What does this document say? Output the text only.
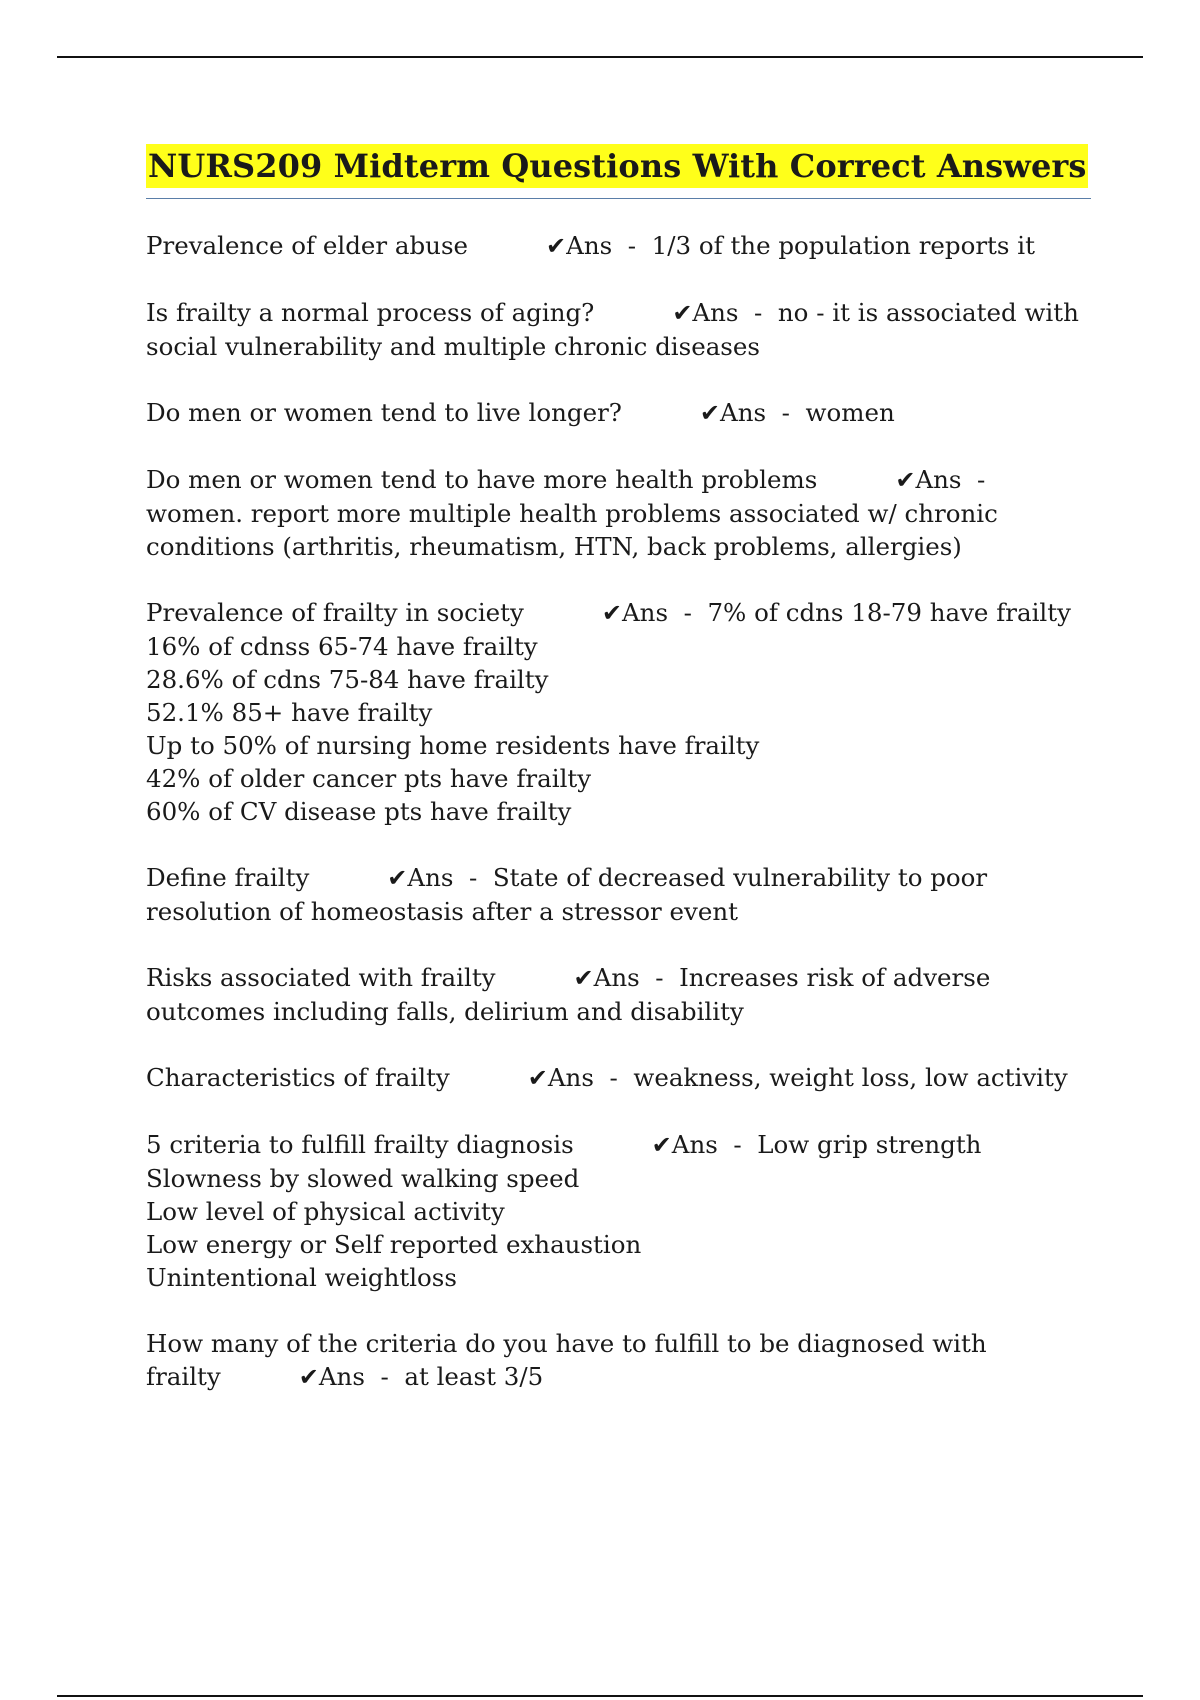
NURS209 Midterm Questions With Correct Answers
Prevalence of elder abuse	✔Ans  -  1/3 of the population reports it
Is frailty a normal process of aging?	✔Ans  -  no - it is associated with social vulnerability and multiple chronic diseases
Do men or women tend to live longer?	✔Ans  -  women
Do men or women tend to have more health problems	✔Ans  -  women. report more multiple health problems associated w/ chronic conditions (arthritis, rheumatism, HTN, back problems, allergies)
Prevalence of frailty in society	✔Ans  -  7% of cdns 18-79 have frailty
16% of cdnss 65-74 have frailty
28.6% of cdns 75-84 have frailty
52.1% 85+ have frailty
Up to 50% of nursing home residents have frailty
42% of older cancer pts have frailty
60% of CV disease pts have frailty
Define frailty	✔Ans  -  State of decreased vulnerability to poor resolution of homeostasis after a stressor event
Risks associated with frailty	✔Ans  -  Increases risk of adverse outcomes including falls, delirium and disability
Characteristics of frailty	✔Ans  -  weakness, weight loss, low activity
5 criteria to fulfill frailty diagnosis	✔Ans  -  Low grip strength
Slowness by slowed walking speed
Low level of physical activity
Low energy or Self reported exhaustion
Unintentional weightloss
How many of the criteria do you have to fulfill to be diagnosed with frailty	✔Ans  -  at least 3/5
